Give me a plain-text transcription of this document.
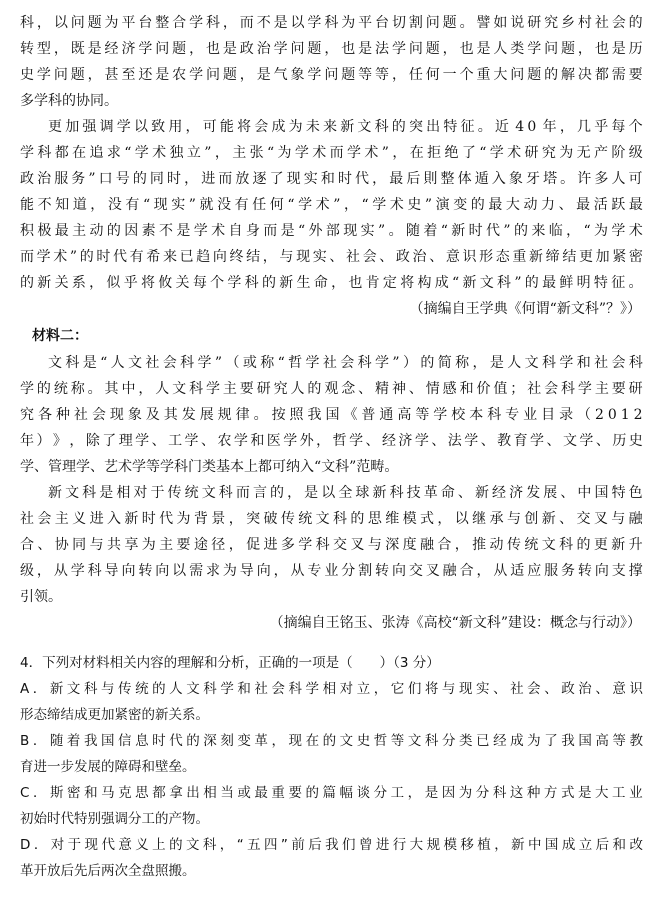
科 ， 以 问 题 为 平 台 整 合 学 科 ， 而 不 是 以 学 科 为 平 台 切 割 问 题 。 譬 如 说 研 究 乡 村 社 会 的

转 型 ， 既 是 经 济 学 问 题 ， 也 是 政 治 学 问 题 ， 也 是 法 学 问 题 ， 也 是 人 类 学 问 题 ， 也 是 历

史 学 问 题 ， 甚 至 还 是 农 学 问 题 ， 是 气 象 学 问 题 等 等 ， 任 何 一 个 重 大 问 题 的 解 决 都 需 要

多学科的协同。

更 加 强 调 学 以 致 用 ， 可 能 将 会 成 为 未 来 新 文 科 的 突 出 特 征 。 近 4 0 年 ， 几 乎 每 个

学 科 都 在 追 求 “ 学 术 独 立 ” ， 主 张 “ 为 学 术 而 学 术 ” ， 在 拒 绝 了 “ 学 术 研 究 为 无 产 阶 级

政 治 服 务 ” 口 号 的 同 时 ， 进 而 放 逐 了 现 实 和 时 代 ， 最 后 則 整 体 遁 入 象 牙 塔 。 许 多 人 可

能 不 知 道 ， 没 有 “ 现 实 ” 就 没 有 任 何 “ 学 术 ” ， “ 学 术 史 ” 演 变 的 最 大 动 力 、 最 活 跃 最

积 极 最 主 动 的 因 素 不 是 学 术 自 身 而 是 “ 外 部 现 实 ” 。 随 着 “ 新 时 代 ” 的 来 临 ， “ 为 学 术

而 学 术 ” 的 时 代 有 希 来 已 趋 向 终 结 ， 与 现 实 、 社 会 、 政 治 、 意 识 形 态 重 新 缔 结 更 加 紧 密

的 新 关 系 ， 似 乎 将 攸 关 每 个 学 科 的 新 生 命 ， 也 肯 定 将 构 成 “ 新 文 科 ” 的 最 鲜 明 特 征 。

（摘编自王学典《何谓“新文科”？》）
材料二：

文 科 是 “ 人 文 社 会 科 学 ” （ 或 称 “ 哲 学 社 会 科 学 ” ） 的 简 称 ， 是 人 文 科 学 和 社 会 科

学 的 统 称 。 其 中 ， 人 文 科 学 主 要 研 究 人 的 观 念 、 精 神 、 情 感 和 价 值 ； 社 会 科 学 主 要 研

究 各 种 社 会 现 象 及 其 发 展 规 律 。 按 照 我 国 《 普 通 高 等 学 校 本 科 专 业 目 录 （ 2 0 1 2

年 ） 》 ， 除 了 理 学 、 工 学 、 农 学 和 医 学 外 ， 哲 学 、 经 济 学 、 法 学 、 教 育 学 、 文 学 、 历 史

学、管理学、艺术学等学科门类基本上都可纳入“文科”范畴。

新 文 科 是 相 对 于 传 统 文 科 而 言 的 ， 是 以 全 球 新 科 技 革 命 、 新 经 济 发 展 、 中 国 特 色

社 会 主 义 进 入 新 时 代 为 背 景 ， 突 破 传 统 文 科 的 思 维 模 式 ， 以 继 承 与 创 新 、 交 叉 与 融

合 、 协 同 与 共 享 为 主 要 途 径 ， 促 进 多 学 科 交 叉 与 深 度 融 合 ， 推 动 传 统 文 科 的 更 新 升

级 ， 从 学 科 导 向 转 向 以 需 求 为 导 向 ， 从 专 业 分 割 转 向 交 叉 融 合 ， 从 适 应 服 务 转 向 支 撑

引领。

（摘编自王铭玉、张涛《高校“新文科”建设：概念与行动》）

4．下列对材料相关内容的理解和分析，正确的一项是（　　）（3 分）

A ． 新 文 科 与 传 统 的 人 文 科 学 和 社 会 科 学 相 对 立 ， 它 们 将 与 现 实 、 社 会 、 政 治 、 意 识

形态缔结成更加紧密的新关系。

B ． 随 着 我 国 信 息 时 代 的 深 刻 变 革 ， 现 在 的 文 史 哲 等 文 科 分 类 已 经 成 为 了 我 国 高 等 教

育进一步发展的障碍和壁垒。

C ． 斯 密 和 马 克 思 都 拿 出 相 当 或 最 重 要 的 篇 幅 谈 分 工 ， 是 因 为 分 科 这 种 方 式 是 大 工 业

初始时代特别强调分工的产物。

D ． 对 于 现 代 意 义 上 的 文 科 ， “ 五 四 ” 前 后 我 们 曾 进 行 大 规 模 移 植 ， 新 中 国 成 立 后 和 改

革开放后先后两次全盘照搬。
